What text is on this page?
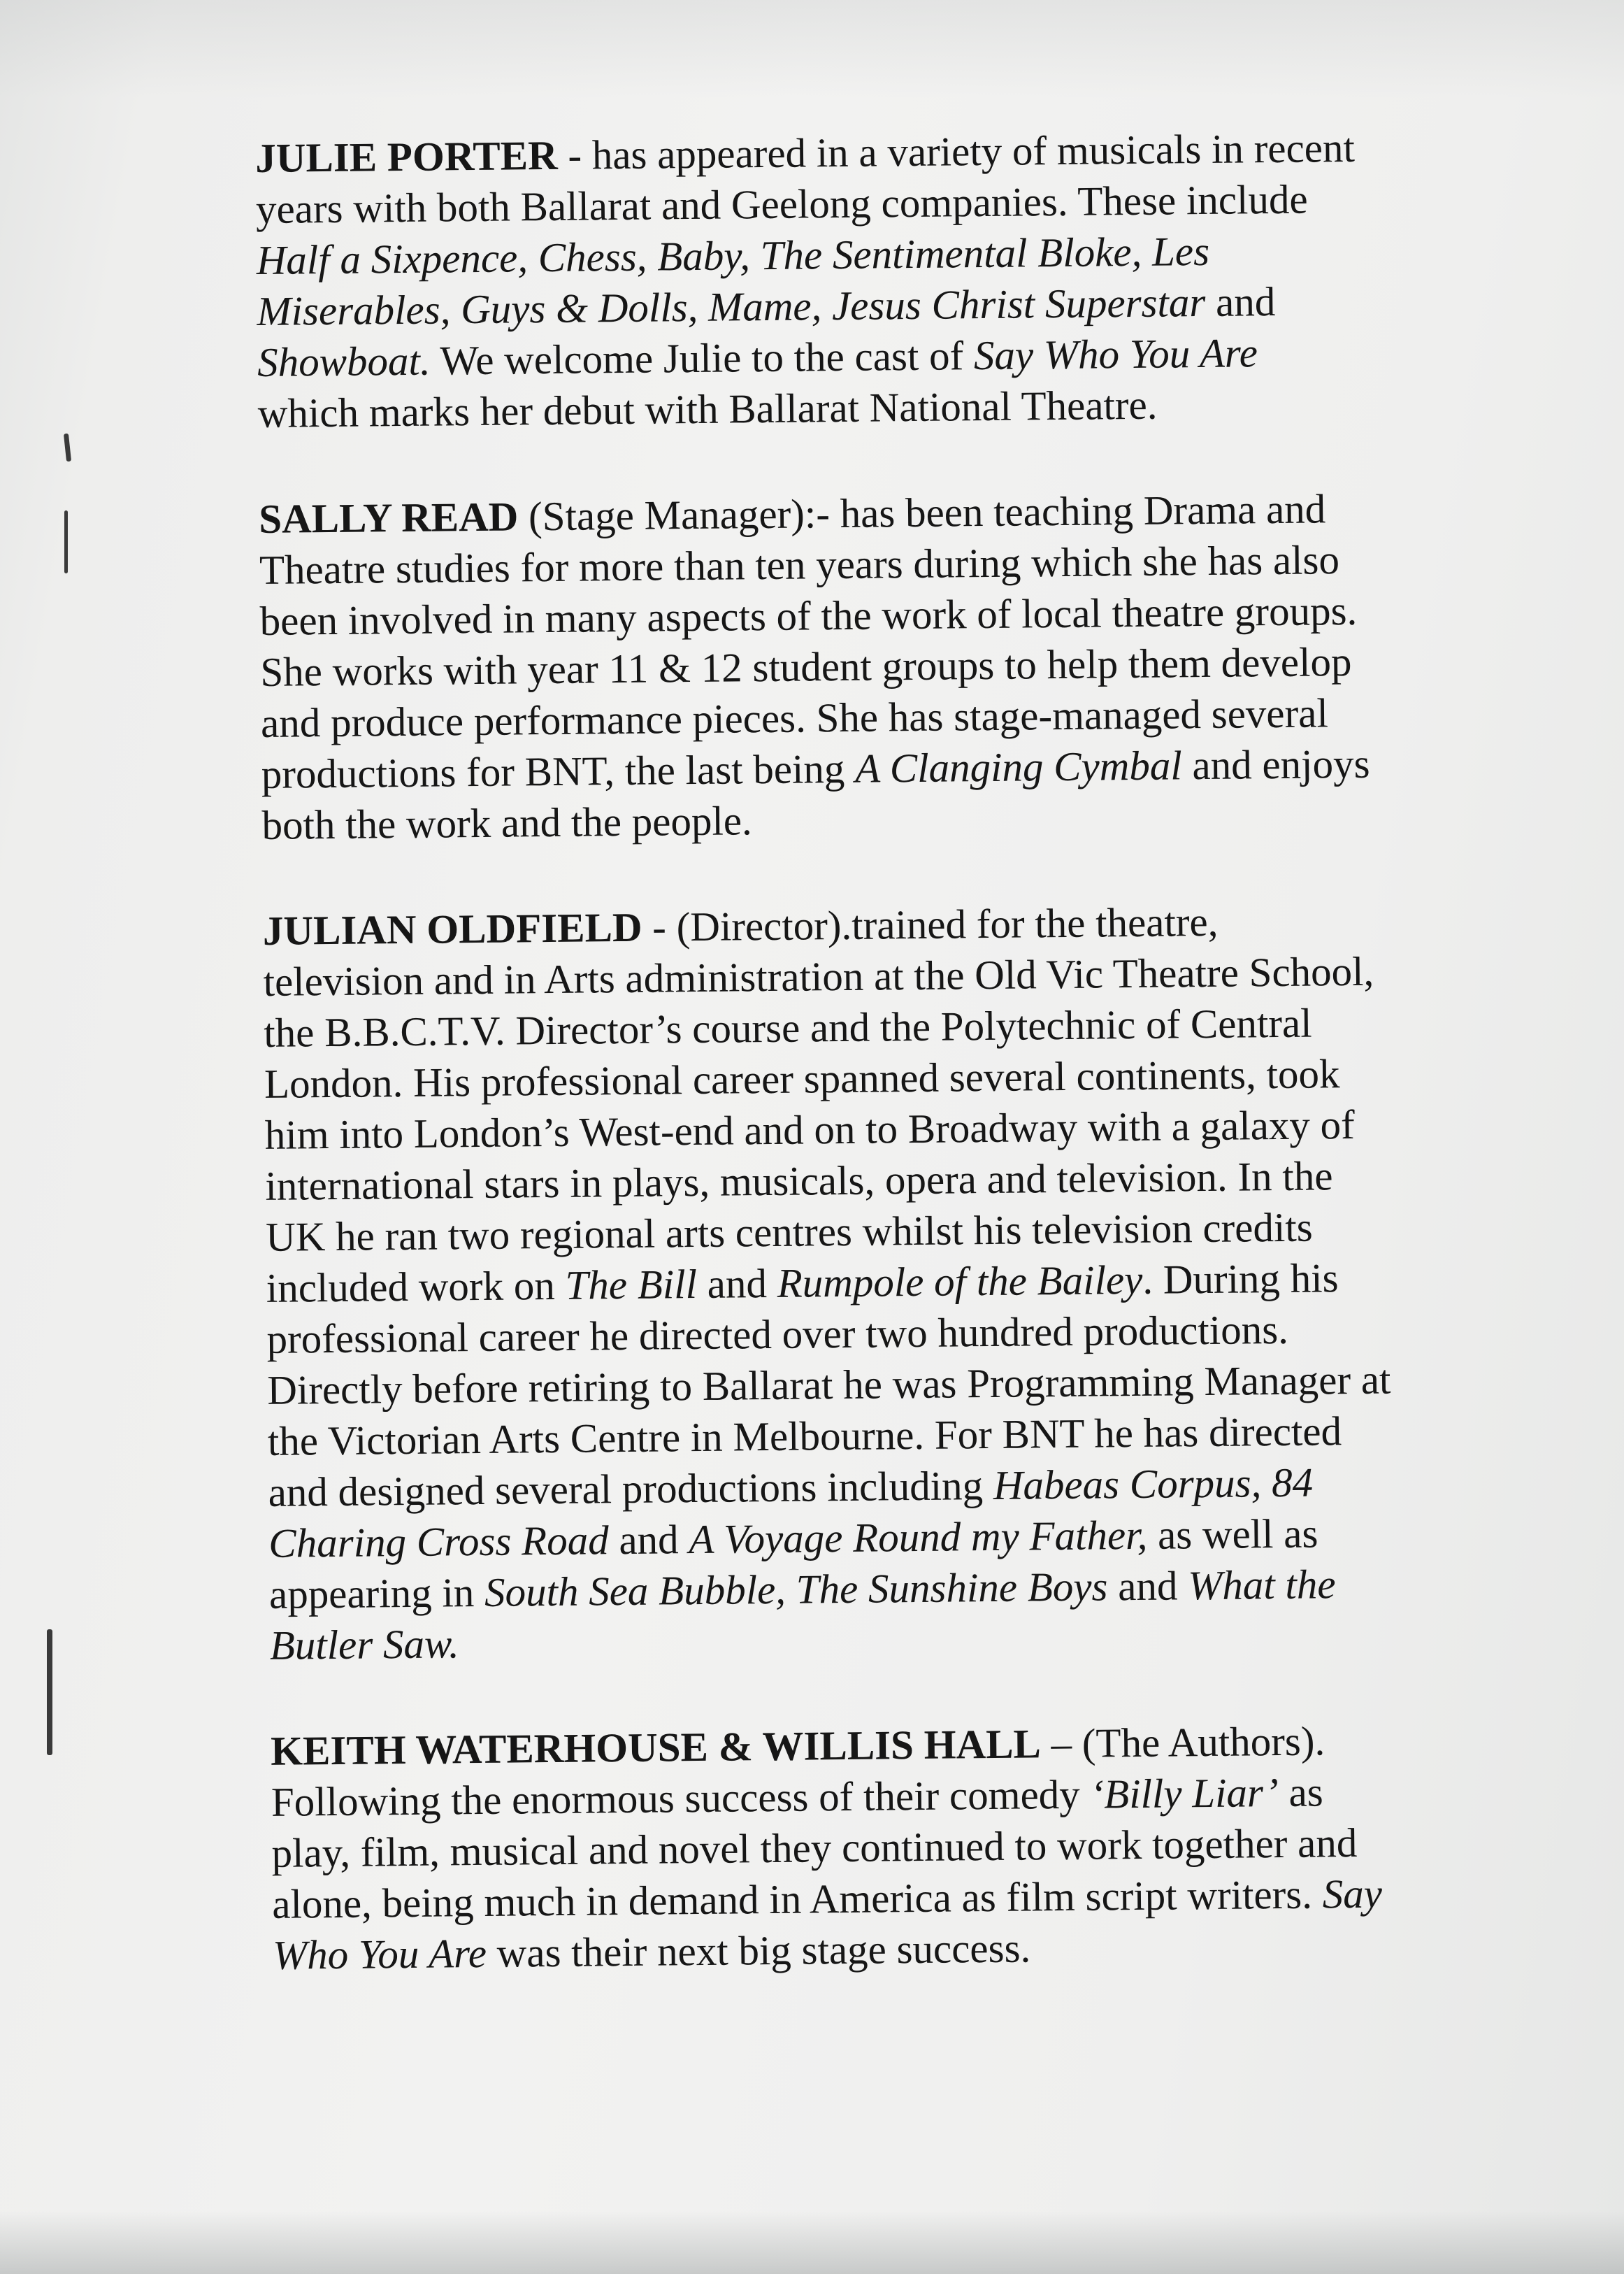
JULIE PORTER - has appeared in a variety of musicals in recent
years with both Ballarat and Geelong companies. These include
Half a Sixpence, Chess, Baby, The Sentimental Bloke, Les
Miserables, Guys & Dolls, Mame, Jesus Christ Superstar and
Showboat. We welcome Julie to the cast of Say Who You Are
which marks her debut with Ballarat National Theatre.
SALLY READ (Stage Manager):- has been teaching Drama and
Theatre studies for more than ten years during which she has also
been involved in many aspects of the work of local theatre groups.
She works with year 11 & 12 student groups to help them develop
and produce performance pieces. She has stage-managed several
productions for BNT, the last being A Clanging Cymbal and enjoys
both the work and the people.
JULIAN OLDFIELD - (Director).trained for the theatre,
television and in Arts administration at the Old Vic Theatre School,
the B.B.C.T.V. Director’s course and the Polytechnic of Central
London. His professional career spanned several continents, took
him into London’s West-end and on to Broadway with a galaxy of
international stars in plays, musicals, opera and television. In the
UK he ran two regional arts centres whilst his television credits
included work on The Bill and Rumpole of the Bailey. During his
professional career he directed over two hundred productions.
Directly before retiring to Ballarat he was Programming Manager at
the Victorian Arts Centre in Melbourne. For BNT he has directed
and designed several productions including Habeas Corpus, 84
Charing Cross Road and A Voyage Round my Father, as well as
appearing in South Sea Bubble, The Sunshine Boys and What the
Butler Saw.
KEITH WATERHOUSE & WILLIS HALL – (The Authors).
Following the enormous success of their comedy ‘Billy Liar’ as
play, film, musical and novel they continued to work together and
alone, being much in demand in America as film script writers. Say
Who You Are was their next big stage success.
